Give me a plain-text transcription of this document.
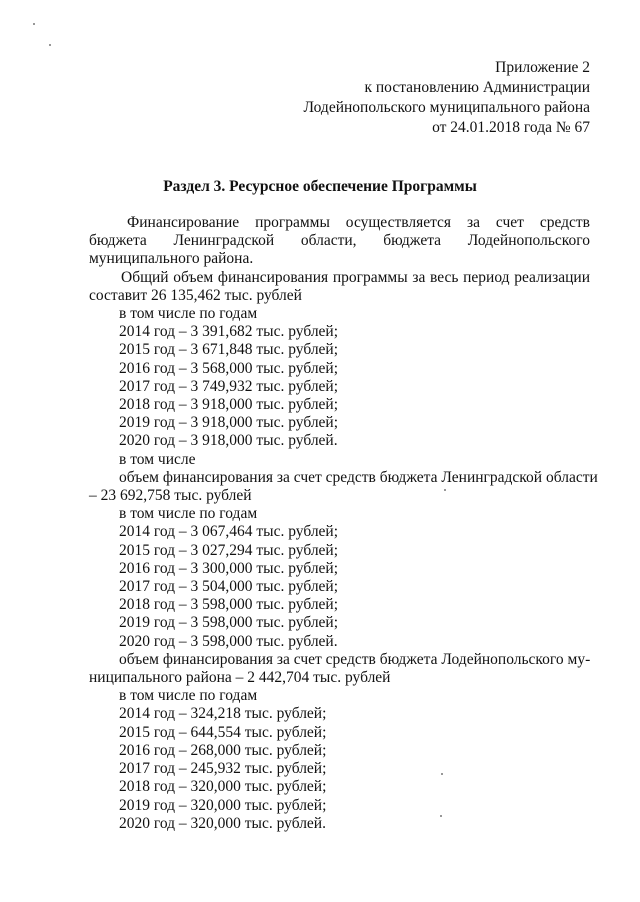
Приложение 2
к постановлению Администрации
Лодейнопольского муниципального района
от 24.01.2018 года № 67
Раздел 3. Ресурсное обеспечение Программы

Финансирование программы осуществляется за счет средств бюджета Ленинградской области, бюджета Лодейнопольского муниципального района.

Общий объем финансирования программы за весь период реализации составит 26 135,462 тыс. рублей

в том числе по годам

2014 год – 3 391,682 тыс. рублей;

2015 год – 3 671,848 тыс. рублей;

2016 год – 3 568,000 тыс. рублей;

2017 год – 3 749,932 тыс. рублей;

2018 год – 3 918,000 тыс. рублей;

2019 год – 3 918,000 тыс. рублей;

2020 год – 3 918,000 тыс. рублей.

в том числе

объем финансирования за счет средств бюджета Ленинградской области

– 23 692,758 тыс. рублей

в том числе по годам

2014 год – 3 067,464 тыс. рублей;

2015 год – 3 027,294 тыс. рублей;

2016 год – 3 300,000 тыс. рублей;

2017 год – 3 504,000 тыс. рублей;

2018 год – 3 598,000 тыс. рублей;

2019 год – 3 598,000 тыс. рублей;

2020 год – 3 598,000 тыс. рублей.

объем финансирования за счет средств бюджета Лодейнопольского му-

ниципального района – 2 442,704 тыс. рублей

в том числе по годам

2014 год – 324,218 тыс. рублей;

2015 год – 644,554 тыс. рублей;

2016 год – 268,000 тыс. рублей;

2017 год – 245,932 тыс. рублей;

2018 год – 320,000 тыс. рублей;

2019 год – 320,000 тыс. рублей;

2020 год – 320,000 тыс. рублей.
